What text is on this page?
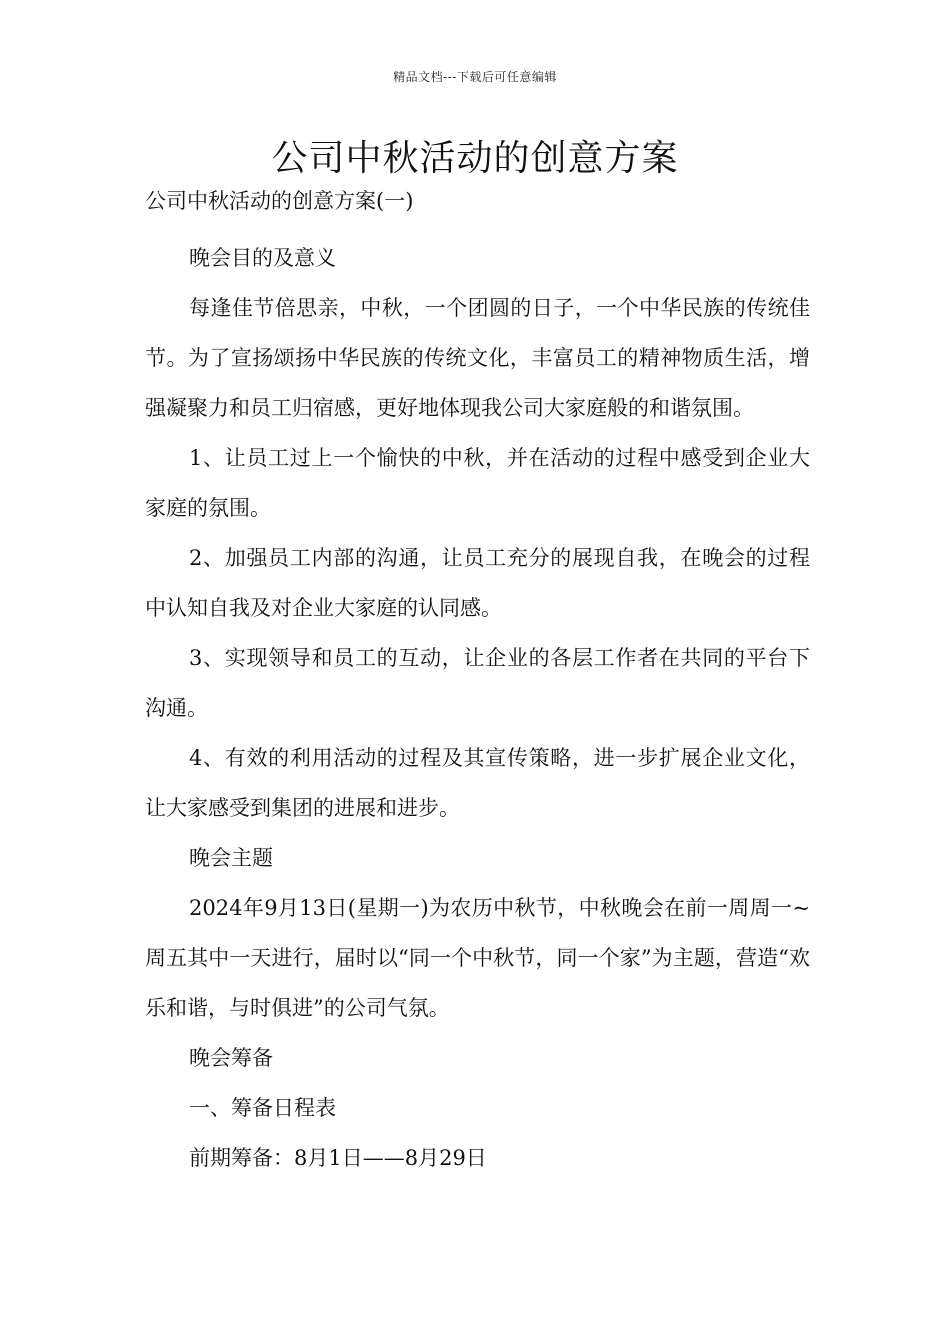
精品文档---下载后可任意编辑
公司中秋活动的创意方案

公司中秋活动的创意方案(一)

晚会目的及意义

每逢佳节倍思亲，中秋，一个团圆的日子，一个中华民族的传统佳节。为了宣扬颂扬中华民族的传统文化，丰富员工的精神物质生活，增强凝聚力和员工归宿感，更好地体现我公司大家庭般的和谐氛围。

1、让员工过上一个愉快的中秋，并在活动的过程中感受到企业大家庭的氛围。

2、加强员工内部的沟通，让员工充分的展现自我，在晚会的过程中认知自我及对企业大家庭的认同感。

3、实现领导和员工的互动，让企业的各层工作者在共同的平台下沟通。

4、有效的利用活动的过程及其宣传策略，进一步扩展企业文化，让大家感受到集团的进展和进步。

晚会主题

2024年9月13日(星期一)为农历中秋节，中秋晚会在前一周周一~周五其中一天进行，届时以“同一个中秋节，同一个家”为主题，营造“欢乐和谐，与时俱进”的公司气氛。

晚会筹备

一、筹备日程表

前期筹备：8月1日——8月29日
